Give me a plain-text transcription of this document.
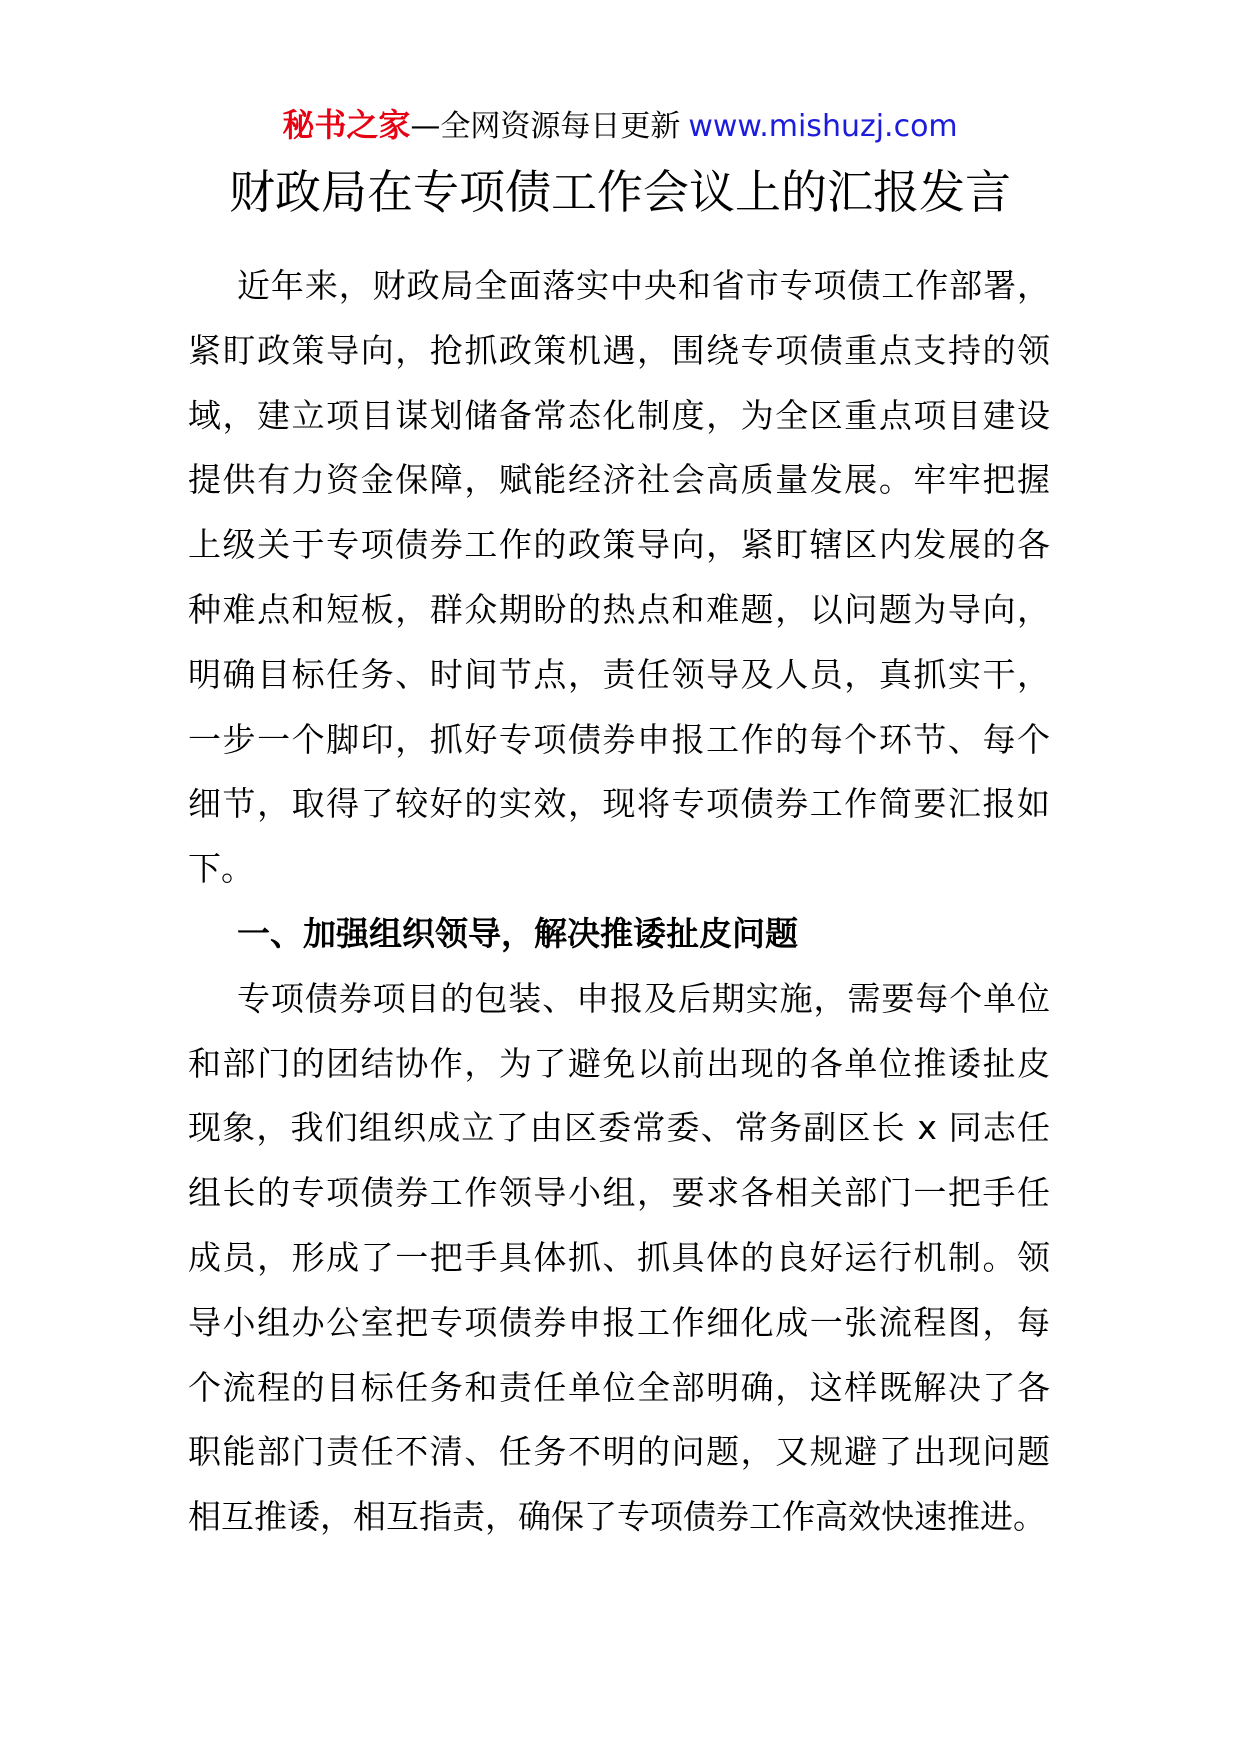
秘书之家—全网资源每日更新 www.mishuzj.com
财政局在专项债工作会议上的汇报发言
近年来，财政局全面落实中央和省市专项债工作部署，
紧盯政策导向，抢抓政策机遇，围绕专项债重点支持的领
域，建立项目谋划储备常态化制度，为全区重点项目建设
提供有力资金保障，赋能经济社会高质量发展。牢牢把握
上级关于专项债券工作的政策导向，紧盯辖区内发展的各
种难点和短板，群众期盼的热点和难题，以问题为导向，
明确目标任务、时间节点，责任领导及人员，真抓实干，
一步一个脚印，抓好专项债券申报工作的每个环节、每个
细节，取得了较好的实效，现将专项债券工作简要汇报如
下。
一、加强组织领导，解决推诿扯皮问题
专项债券项目的包装、申报及后期实施，需要每个单位
和部门的团结协作，为了避免以前出现的各单位推诿扯皮
现象，我们组织成立了由区委常委、常务副区长 x 同志任
组长的专项债券工作领导小组，要求各相关部门一把手任
成员，形成了一把手具体抓、抓具体的良好运行机制。领
导小组办公室把专项债券申报工作细化成一张流程图，每
个流程的目标任务和责任单位全部明确，这样既解决了各
职能部门责任不清、任务不明的问题，又规避了出现问题
相互推诿，相互指责，确保了专项债券工作高效快速推进。
